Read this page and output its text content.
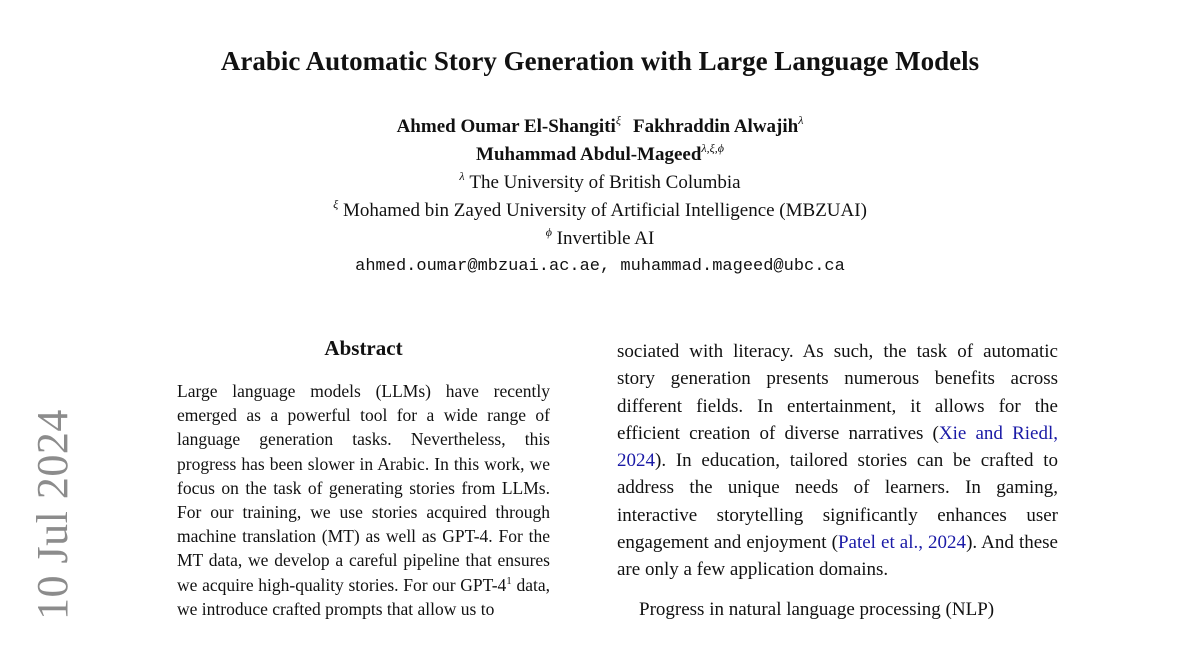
10 Jul 2024
Arabic Automatic Story Generation with Large Language Models
Ahmed Oumar El-Shangiti$^\xi$ Fakhraddin Alwajih$^\lambda$
Muhammad Abdul-Mageed$^{\lambda,\xi,\phi}$
$^\lambda$ The University of British Columbia
$^\xi$ Mohamed bin Zayed University of Artificial Intelligence (MBZUAI)
$^\phi$ Invertible AI
ahmed.oumar@mbzuai.ac.ae, muhammad.mageed@ubc.ca
Abstract
Large language models (LLMs) have recently emerged as a powerful tool for a wide range of language generation tasks. Nevertheless, this progress has been slower in Arabic. In this work, we focus on the task of generating stories from LLMs. For our training, we use stories acquired through machine translation (MT) as well as GPT-4. For the MT data, we develop a careful pipeline that ensures we acquire high-quality stories. For our GPT-$4^1$ data, we introduce crafted prompts that allow us to

sociated with literacy. As such, the task of automatic story generation presents numerous benefits across different fields. In entertainment, it allows for the efficient creation of diverse narratives (Xie and Riedl, 2024). In education, tailored stories can be crafted to address the unique needs of learners. In gaming, interactive storytelling significantly enhances user engagement and enjoyment (Patel et al., 2024). And these are only a few application domains.

Progress in natural language processing (NLP)
